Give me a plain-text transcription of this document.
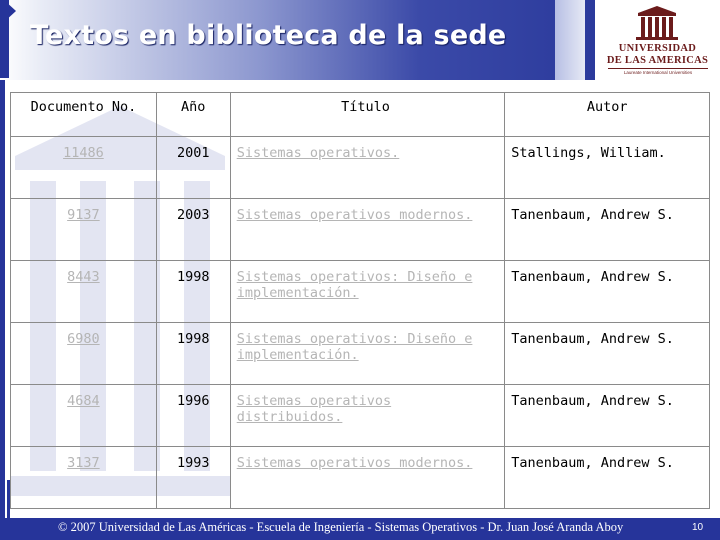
Textos en biblioteca de la sede	UNIVERSIDAD
DE LAS AMERICAS
Laureate International Universities
Documento No.	Año	Título	Autor
11486	2001	Sistemas operativos.	Stallings, William.
9137	2003	Sistemas operativos modernos.	Tanenbaum, Andrew S.
8443	1998	Sistemas operativos: Diseño e implementación.	Tanenbaum, Andrew S.
6980	1998	Sistemas operativos: Diseño e implementación.	Tanenbaum, Andrew S.
4684	1996	Sistemas operativos distribuidos.	Tanenbaum, Andrew S.
3137	1993	Sistemas operativos modernos.	Tanenbaum, Andrew S.
© 2007 Universidad de Las Américas - Escuela de Ingeniería - Sistemas Operativos - Dr. Juan José Aranda Aboy	10
